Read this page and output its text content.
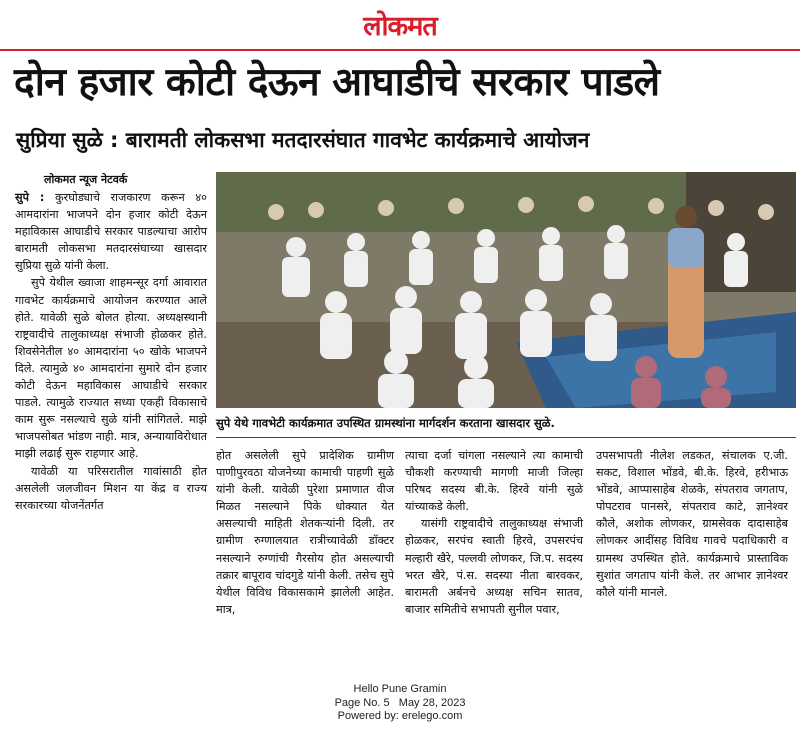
लोकमत
दोन हजार कोटी देऊन आघाडीचे सरकार पाडले
सुप्रिया सुळे : बारामती लोकसभा मतदारसंघात गावभेट कार्यक्रमाचे आयोजन
लोकमत न्यूज नेटवर्क

सुपे : कुरघोड्याचे राजकारण करून ४० आमदारांना भाजपने दोन हजार कोटी देऊन महाविकास आघाडीचे सरकार पाडल्याचा आरोप बारामती लोकसभा मतदारसंघाच्या खासदार सुप्रिया सुळे यांनी केला.

सुपे येथील ख्वाजा शाहमन्सूर दर्गा आवारात गावभेट कार्यक्रमाचे आयोजन करण्यात आले होते. यावेळी सुळे बोलत होत्या. अध्यक्षस्थानी राष्ट्रवादीचे तालुकाध्यक्ष संभाजी होळकर होते. शिवसेनेतील ४० आमदारांना ५० खोके भाजपने दिले. त्यामुळे ४० आमदारांना सुमारे दोन हजार कोटी देऊन महाविकास आघाडीचे सरकार पाडले. त्यामुळे राज्यात सध्या एकही विकासाचे काम सुरू नसल्याचे सुळे यांनी सांगितले. माझे भाजपसोबत भांडण नाही. मात्र, अन्यायाविरोधात माझी लढाई सुरू राहणार आहे.

यावेळी या परिसरातील गावांसाठी होत असलेली जलजीवन मिशन या केंद्र व राज्य सरकारच्या योजनेंतर्गत

सुपे येथे गावभेटी कार्यक्रमात उपस्थित ग्रामस्थांना मार्गदर्शन करताना खासदार सुळे.

होत असलेली सुपे प्रादेशिक ग्रामीण पाणीपुरवठा योजनेच्या कामाची पाहणी सुळे यांनी केली. यावेळी पुरेशा प्रमाणात वीज मिळत नसल्याने पिके धोक्यात येत असल्याची माहिती शेतकऱ्यांनी दिली. तर ग्रामीण रुग्णालयात रात्रीच्यावेळी डॉक्टर नसल्याने रुग्णांची गैरसोय होत असल्याची तक्रार बापूराव चांदगुडे यांनी केली. तसेच सुपे येथील विविध विकासकामे झालेली आहेत. मात्र,

त्याचा दर्जा चांगला नसल्याने त्या कामाची चौकशी करण्याची मागणी माजी जिल्हा परिषद सदस्य बी.के. हिरवे यांनी सुळे यांच्याकडे केली.

यासंगी राष्ट्रवादीचे तालुकाध्यक्ष संभाजी होळकर, सरपंच स्वाती हिरवे, उपसरपंच मल्हारी खैरे, पल्लवी लोणकर, जि.प. सदस्य भरत खैरे, पं.स. सदस्या नीता बारवकर, बारामती अर्बनचे अध्यक्ष सचिन सातव, बाजार समितीचे सभापती सुनील पवार,

उपसभापती नीलेश लडकत, संचालक ए.जी. सकट, विशाल भोंडवे, बी.के. हिरवे, हरीभाऊ भोंडवे, आप्पासाहेब शेळके, संपतराव जगताप, पोपटराव पानसरे, संपतराव काटे, ज्ञानेश्वर कौले, अशोक लोणकर, ग्रामसेवक दादासाहेब लोणकर आदींसह विविध गावचे पदाधिकारी व ग्रामस्थ उपस्थित होते. कार्यक्रमाचे प्रास्ताविक सुशांत जगताप यांनी केले. तर आभार ज्ञानेश्वर कौले यांनी मानले.

Hello Pune Gramin
Page No. 5 May 28, 2023
Powered by: erelego.com
